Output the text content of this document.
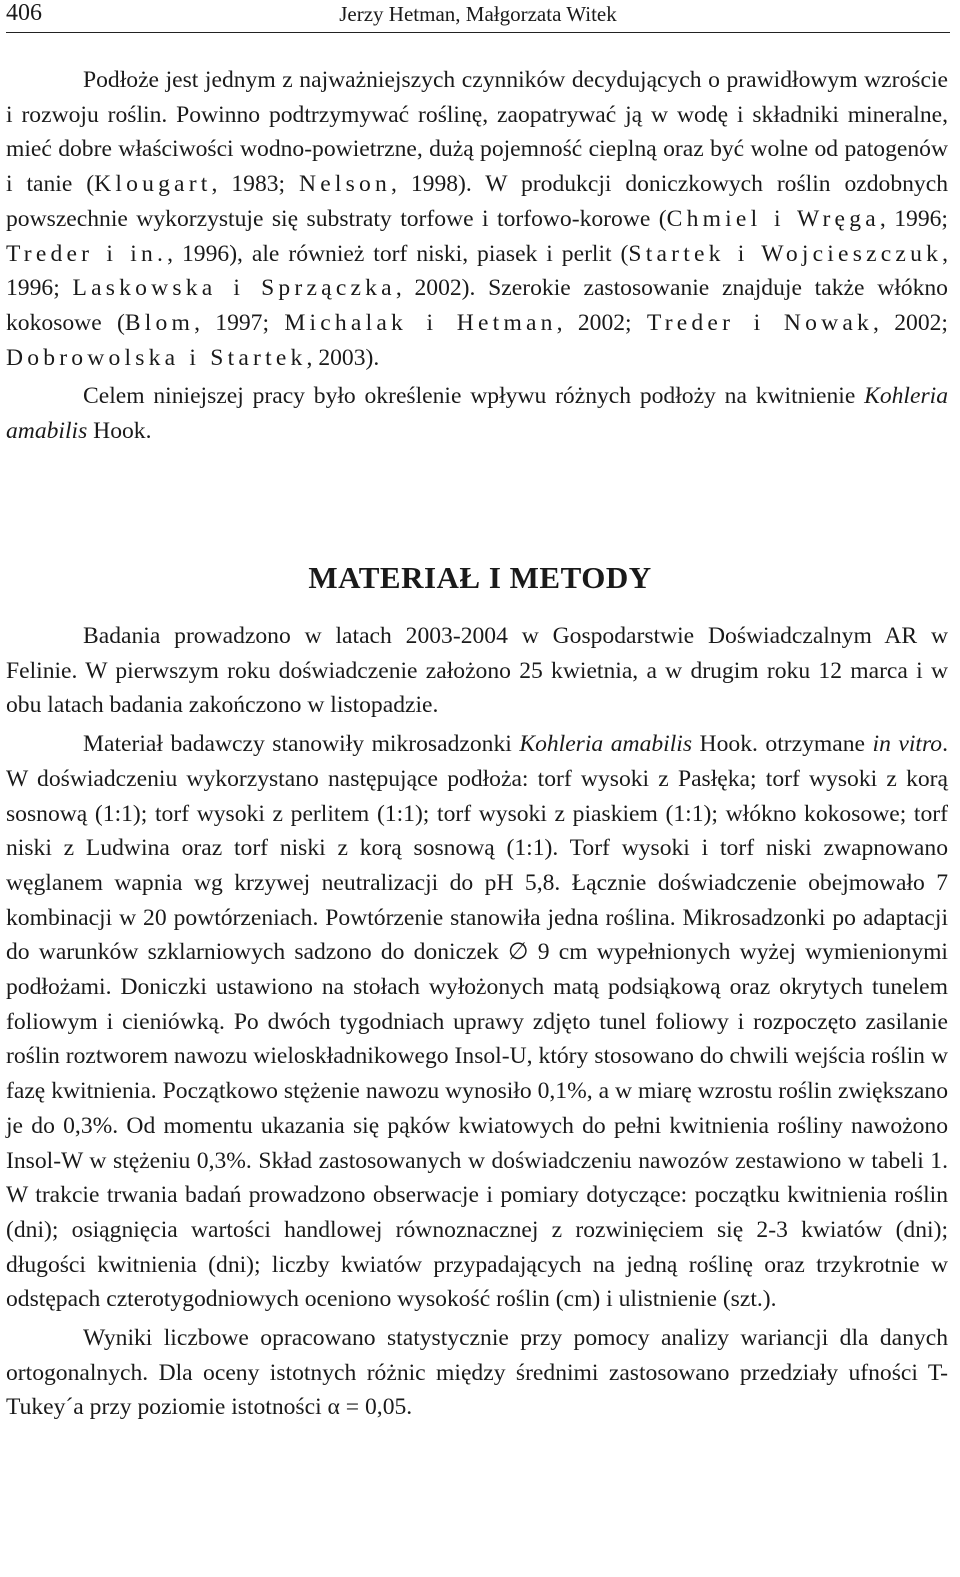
406	Jerzy Hetman, Małgorzata Witek

Podłoże jest jednym z najważniejszych czynników decydujących o prawidłowym wzroście i rozwoju roślin. Powinno podtrzymywać roślinę, zaopatrywać ją w wodę i składniki mineralne, mieć dobre właściwości wodno-powietrzne, dużą pojemność cieplną oraz być wolne od patogenów i tanie (Klougart, 1983; Nelson, 1998). W produkcji doniczkowych roślin ozdobnych powszechnie wykorzystuje się substraty torfowe i torfowo-korowe (Chmiel i Wręga, 1996; Treder i in., 1996), ale również torf niski, piasek i perlit (Startek i Wojcieszczuk, 1996; Laskowska i Sprzączka, 2002). Szerokie zastosowanie znajduje także włókno kokosowe (Blom, 1997; Michalak i Hetman, 2002; Treder i Nowak, 2002; Dobrowolska i Startek, 2003).

Celem niniejszej pracy było określenie wpływu różnych podłoży na kwitnienie Kohleria amabilis Hook.

MATERIAŁ I METODY

Badania prowadzono w latach 2003-2004 w Gospodarstwie Doświadczalnym AR w Felinie. W pierwszym roku doświadczenie założono 25 kwietnia, a w drugim roku 12 marca i w obu latach badania zakończono w listopadzie.

Materiał badawczy stanowiły mikrosadzonki Kohleria amabilis Hook. otrzymane in vitro. W doświadczeniu wykorzystano następujące podłoża: torf wysoki z Pasłęka; torf wysoki z korą sosnową (1:1); torf wysoki z perlitem (1:1); torf wysoki z piaskiem (1:1); włókno kokosowe; torf niski z Ludwina oraz torf niski z korą sosnową (1:1). Torf wysoki i torf niski zwapnowano węglanem wapnia wg krzywej neutralizacji do pH 5,8. Łącznie doświadczenie obejmowało 7 kombinacji w 20 powtórzeniach. Powtórzenie stanowiła jedna roślina. Mikrosadzonki po adaptacji do warunków szklarniowych sadzono do doniczek ∅ 9 cm wypełnionych wyżej wymienionymi podłożami. Doniczki ustawiono na stołach wyłożonych matą podsiąkową oraz okrytych tunelem foliowym i cieniówką. Po dwóch tygodniach uprawy zdjęto tunel foliowy i rozpoczęto zasilanie roślin roztworem nawozu wieloskładnikowego Insol-U, który stosowano do chwili wejścia roślin w fazę kwitnienia. Początkowo stężenie nawozu wynosiło 0,1%, a w miarę wzrostu roślin zwiększano je do 0,3%. Od momentu ukazania się pąków kwiatowych do pełni kwitnienia rośliny nawożono Insol-W w stężeniu 0,3%. Skład zastosowanych w doświadczeniu nawozów zestawiono w tabeli 1. W trakcie trwania badań prowadzono obserwacje i pomiary dotyczące: początku kwitnienia roślin (dni); osiągnięcia wartości handlowej równoznacznej z rozwinięciem się 2-3 kwiatów (dni); długości kwitnienia (dni); liczby kwiatów przypadających na jedną roślinę oraz trzykrotnie w odstępach czterotygodniowych oceniono wysokość roślin (cm) i ulistnienie (szt.).

Wyniki liczbowe opracowano statystycznie przy pomocy analizy wariancji dla danych ortogonalnych. Dla oceny istotnych różnic między średnimi zastosowano przedziały ufności T-Tukey´a przy poziomie istotności α = 0,05.
